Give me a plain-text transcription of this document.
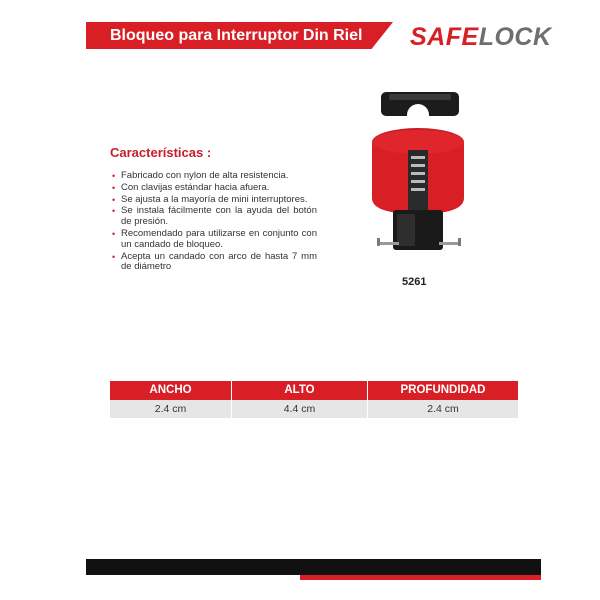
Bloqueo para Interruptor Din Riel SAFELOCK
Características :
• Fabricado con nylon de alta resistencia.
• Con clavijas estándar hacia afuera.
• Se ajusta a la mayoría de mini interruptores.
• Se instala fácilmente con la ayuda del botón de presión.
• Recomendado para utilizarse en conjunto con un candado de bloqueo.
• Acepta un candado con arco de hasta 7 mm de diámetro
5261
ANCHO	ALTO	PROFUNDIDAD
2.4 cm	4.4 cm	2.4 cm
